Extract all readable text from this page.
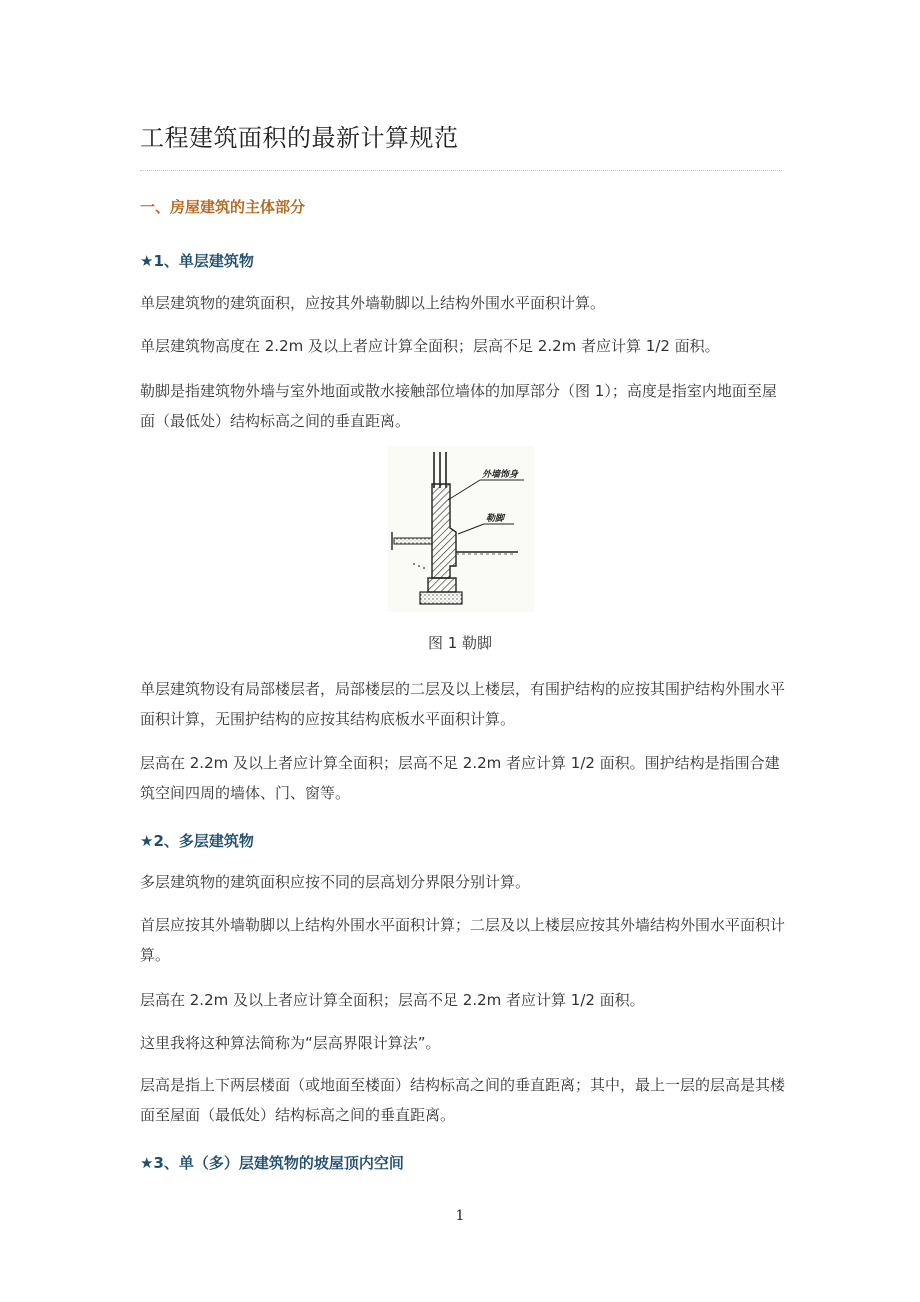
工程建筑面积的最新计算规范
一、房屋建筑的主体部分
★1、单层建筑物
单层建筑物的建筑面积，应按其外墙勒脚以上结构外围水平面积计算。
单层建筑物高度在 2.2m 及以上者应计算全面积；层高不足 2.2m 者应计算 1/2 面积。
勒脚是指建筑物外墙与室外地面或散水接触部位墙体的加厚部分（图 1）；高度是指室内地面至屋面（最低处）结构标高之间的垂直距离。
外墙饰身
勒脚
图 1 勒脚
单层建筑物设有局部楼层者，局部楼层的二层及以上楼层，有围护结构的应按其围护结构外围水平面积计算，无围护结构的应按其结构底板水平面积计算。
层高在 2.2m 及以上者应计算全面积；层高不足 2.2m 者应计算 1/2 面积。围护结构是指围合建筑空间四周的墙体、门、窗等。
★2、多层建筑物
多层建筑物的建筑面积应按不同的层高划分界限分别计算。
首层应按其外墙勒脚以上结构外围水平面积计算；二层及以上楼层应按其外墙结构外围水平面积计算。
层高在 2.2m 及以上者应计算全面积；层高不足 2.2m 者应计算 1/2 面积。
这里我将这种算法简称为“层高界限计算法”。
层高是指上下两层楼面（或地面至楼面）结构标高之间的垂直距离；其中，最上一层的层高是其楼面至屋面（最低处）结构标高之间的垂直距离。
★3、单（多）层建筑物的坡屋顶内空间
1
